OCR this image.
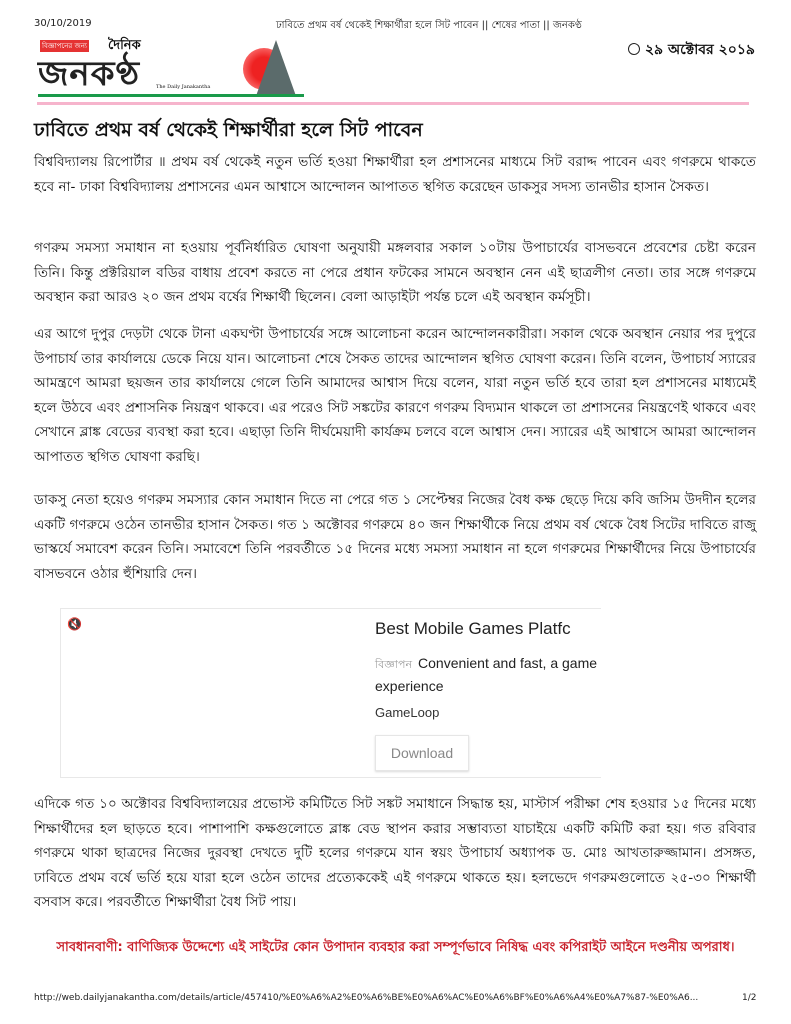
30/10/2019	ঢাবিতে প্রথম বর্ষ থেকেই শিক্ষার্থীরা হলে সিট পাবেন || শেষের পাতা || জনকণ্ঠ
বিজ্ঞাপনের জন্য দৈনিক
জনকণ্ঠ	The Daily Janakantha
২৯ অক্টোবর ২০১৯
ঢাবিতে প্রথম বর্ষ থেকেই শিক্ষার্থীরা হলে সিট পাবেন

বিশ্ববিদ্যালয় রিপোর্টার ॥ প্রথম বর্ষ থেকেই নতুন ভর্তি হওয়া শিক্ষার্থীরা হল প্রশাসনের মাধ্যমে সিট বরাদ্দ পাবেন এবং গণরুমে থাকতে হবে না- ঢাকা বিশ্ববিদ্যালয় প্রশাসনের এমন আশ্বাসে আন্দোলন আপাতত স্থগিত করেছেন ডাকসুর সদস্য তানভীর হাসান সৈকত।

গণরুম সমস্যা সমাধান না হওয়ায় পূর্বনির্ধারিত ঘোষণা অনুযায়ী মঙ্গলবার সকাল ১০টায় উপাচার্যের বাসভবনে প্রবেশের চেষ্টা করেন তিনি। কিন্তু প্রক্টরিয়াল বডির বাধায় প্রবেশ করতে না পেরে প্রধান ফটকের সামনে অবস্থান নেন এই ছাত্রলীগ নেতা। তার সঙ্গে গণরুমে অবস্থান করা আরও ২০ জন প্রথম বর্ষের শিক্ষার্থী ছিলেন। বেলা আড়াইটা পর্যন্ত চলে এই অবস্থান কর্মসূচী।

এর আগে দুপুর দেড়টা থেকে টানা একঘণ্টা উপাচার্যের সঙ্গে আলোচনা করেন আন্দোলনকারীরা। সকাল থেকে অবস্থান নেয়ার পর দুপুরে উপাচার্য তার কার্যালয়ে ডেকে নিয়ে যান। আলোচনা শেষে সৈকত তাদের আন্দোলন স্থগিত ঘোষণা করেন। তিনি বলেন, উপাচার্য স্যারের আমন্ত্রণে আমরা ছয়জন তার কার্যালয়ে গেলে তিনি আমাদের আশ্বাস দিয়ে বলেন, যারা নতুন ভর্তি হবে তারা হল প্রশাসনের মাধ্যমেই হলে উঠবে এবং প্রশাসনিক নিয়ন্ত্রণ থাকবে। এর পরেও সিট সঙ্কটের কারণে গণরুম বিদ্যমান থাকলে তা প্রশাসনের নিয়ন্ত্রণেই থাকবে এবং সেখানে ব্লাঙ্ক বেডের ব্যবস্থা করা হবে। এছাড়া তিনি দীর্ঘমেয়াদী কার্যক্রম চলবে বলে আশ্বাস দেন। স্যারের এই আশ্বাসে আমরা আন্দোলন আপাতত স্থগিত ঘোষণা করছি।

ডাকসু নেতা হয়েও গণরুম সমস্যার কোন সমাধান দিতে না পেরে গত ১ সেপ্টেম্বর নিজের বৈধ কক্ষ ছেড়ে দিয়ে কবি জসিম উদদীন হলের একটি গণরুমে ওঠেন তানভীর হাসান সৈকত। গত ১ অক্টোবর গণরুমে ৪০ জন শিক্ষার্থীকে নিয়ে প্রথম বর্ষ থেকে বৈধ সিটের দাবিতে রাজু ভাস্কর্যে সমাবেশ করেন তিনি। সমাবেশে তিনি পরবর্তীতে ১৫ দিনের মধ্যে সমস্যা সমাধান না হলে গণরুমের শিক্ষার্থীদের নিয়ে উপাচার্যের বাসভবনে ওঠার হুঁশিয়ারি দেন।

🔇	Best Mobile Games Platfc
বিজ্ঞাপন Convenient and fast, a game experience
GameLoop
Download

এদিকে গত ১০ অক্টোবর বিশ্ববিদ্যালয়ের প্রভোস্ট কমিটিতে সিট সঙ্কট সমাধানে সিদ্ধান্ত হয়, মাস্টার্স পরীক্ষা শেষ হওয়ার ১৫ দিনের মধ্যে শিক্ষার্থীদের হল ছাড়তে হবে। পাশাপাশি কক্ষগুলোতে ব্লাঙ্ক বেড স্থাপন করার সম্ভাব্যতা যাচাইয়ে একটি কমিটি করা হয়। গত রবিবার গণরুমে থাকা ছাত্রদের নিজের দুরবস্থা দেখতে দুটি হলের গণরুমে যান স্বয়ং উপাচার্য অধ্যাপক ড. মোঃ আখতারুজ্জামান। প্রসঙ্গত, ঢাবিতে প্রথম বর্ষে ভর্তি হয়ে যারা হলে ওঠেন তাদের প্রত্যেককেই এই গণরুমে থাকতে হয়। হলভেদে গণরুমগুলোতে ২৫-৩০ শিক্ষার্থী বসবাস করে। পরবর্তীতে শিক্ষার্থীরা বৈধ সিট পায়।

সাবধানবাণী: বাণিজ্যিক উদ্দেশ্যে এই সাইটের কোন উপাদান ব্যবহার করা সম্পূর্ণভাবে নিষিদ্ধ এবং কপিরাইট আইনে দণ্ডনীয় অপরাধ।
http://web.dailyjanakantha.com/details/article/457410/%E0%A6%A2%E0%A6%BE%E0%A6%AC%E0%A6%BF%E0%A6%A4%E0%A7%87-%E0%A6...	1/2
